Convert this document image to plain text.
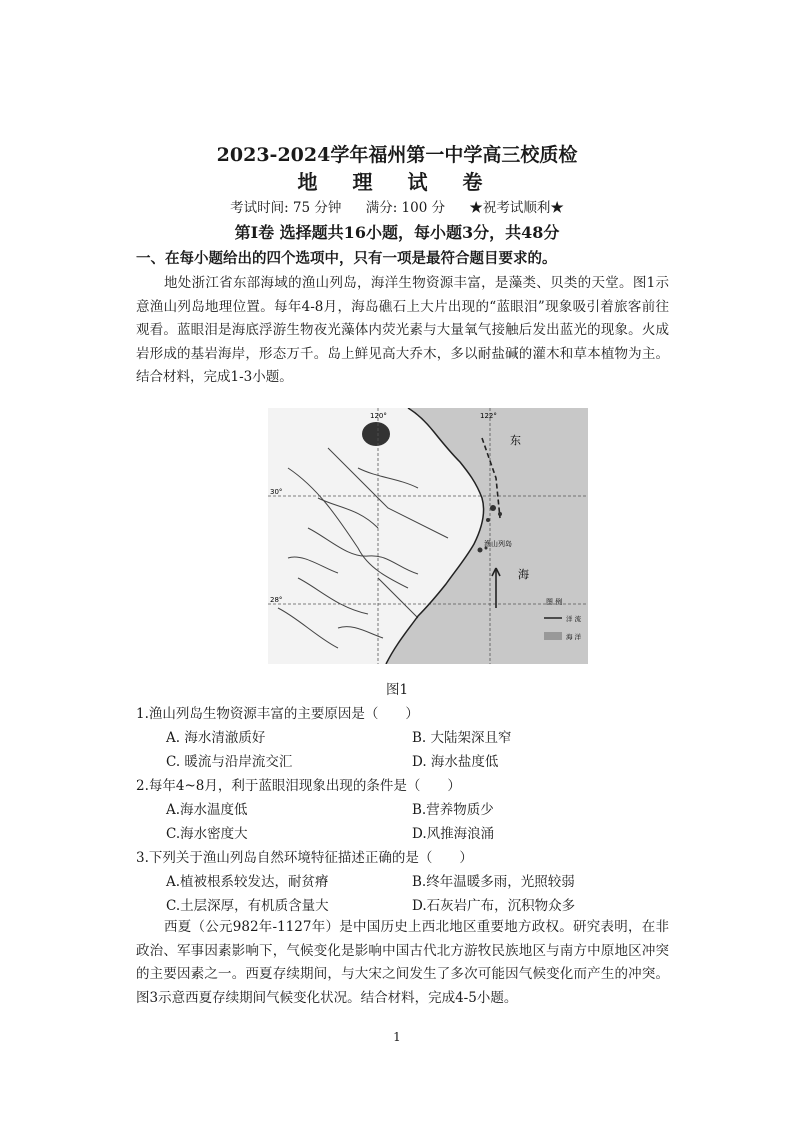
2023-2024学年福州第一中学高三校质检
地 理 试 卷
考试时间: 75 分钟 满分: 100 分 ★祝考试顺利★
第Ⅰ卷 选择题共16小题，每小题3分，共48分
一、在每小题给出的四个选项中，只有一项是最符合题目要求的。
地处浙江省东部海域的渔山列岛，海洋生物资源丰富，是藻类、贝类的天堂。图1示意渔山列岛地理位置。每年4-8月，海岛礁石上大片出现的“蓝眼泪”现象吸引着旅客前往观看。蓝眼泪是海底浮游生物夜光藻体内荧光素与大量氧气接触后发出蓝光的现象。火成岩形成的基岩海岸，形态万千。岛上鲜见高大乔木，多以耐盐碱的灌木和草本植物为主。结合材料，完成1-3小题。
120°	122°
30°
28°
东
海
渔山列岛
图 例
洋 流
海 洋
图1
1.渔山列岛生物资源丰富的主要原因是（　　）
A. 海水清澈质好	B. 大陆架深且窄
C. 暖流与沿岸流交汇	D. 海水盐度低
2.每年4~8月，利于蓝眼泪现象出现的条件是（　　）
A.海水温度低	B.营养物质少
C.海水密度大	D.风推海浪涌
3.下列关于渔山列岛自然环境特征描述正确的是（　　）
A.植被根系较发达，耐贫瘠	B.终年温暖多雨，光照较弱
C.土层深厚，有机质含量大	D.石灰岩广布，沉积物众多
西夏（公元982年-1127年）是中国历史上西北地区重要地方政权。研究表明，在非政治、军事因素影响下，气候变化是影响中国古代北方游牧民族地区与南方中原地区冲突的主要因素之一。西夏存续期间，与大宋之间发生了多次可能因气候变化而产生的冲突。图3示意西夏存续期间气候变化状况。结合材料，完成4-5小题。
1
